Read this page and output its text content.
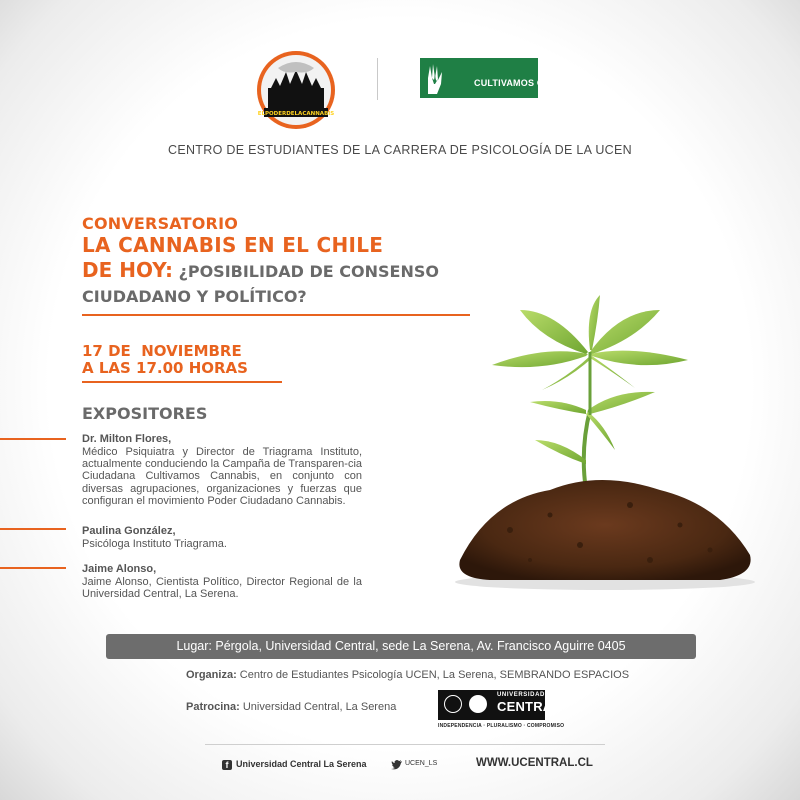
ELPODERDELACANNABIS
CULTIVAMOS CANNABIS.cl
CENTRO DE ESTUDIANTES DE LA CARRERA DE PSICOLOGÍA DE LA UCEN
CONVERSATORIO
LA CANNABIS EN EL CHILE
DE HOY: ¿POSIBILIDAD DE CONSENSO
CIUDADANO Y POLÍTICO?
17 DE  NOVIEMBRE
A LAS 17.00 HORAS
EXPOSITORES
Dr. Milton Flores,
Médico Psiquiatra y Director de Triagrama Instituto, actualmente conduciendo la Campaña de Transparen-cia Ciudadana Cultivamos Cannabis, en conjunto con diversas agrupaciones, organizaciones y fuerzas que configuran el movimiento Poder Ciudadano Cannabis.
Paulina González,
Psicóloga Instituto Triagrama.
Jaime Alonso,
Jaime Alonso, Cientista Político, Director Regional de la Universidad Central, La Serena.
Lugar: Pérgola, Universidad Central, sede La Serena, Av. Francisco Aguirre 0405
Organiza: Centro de Estudiantes Psicología UCEN, La Serena, SEMBRANDO ESPACIOS
Patrocina: Universidad Central, La Serena
UNIVERSIDAD
CENTRAL
INDEPENDENCIA · PLURALISMO · COMPROMISO
f Universidad Central La Serena	UCEN_LS	WWW.UCENTRAL.CL
